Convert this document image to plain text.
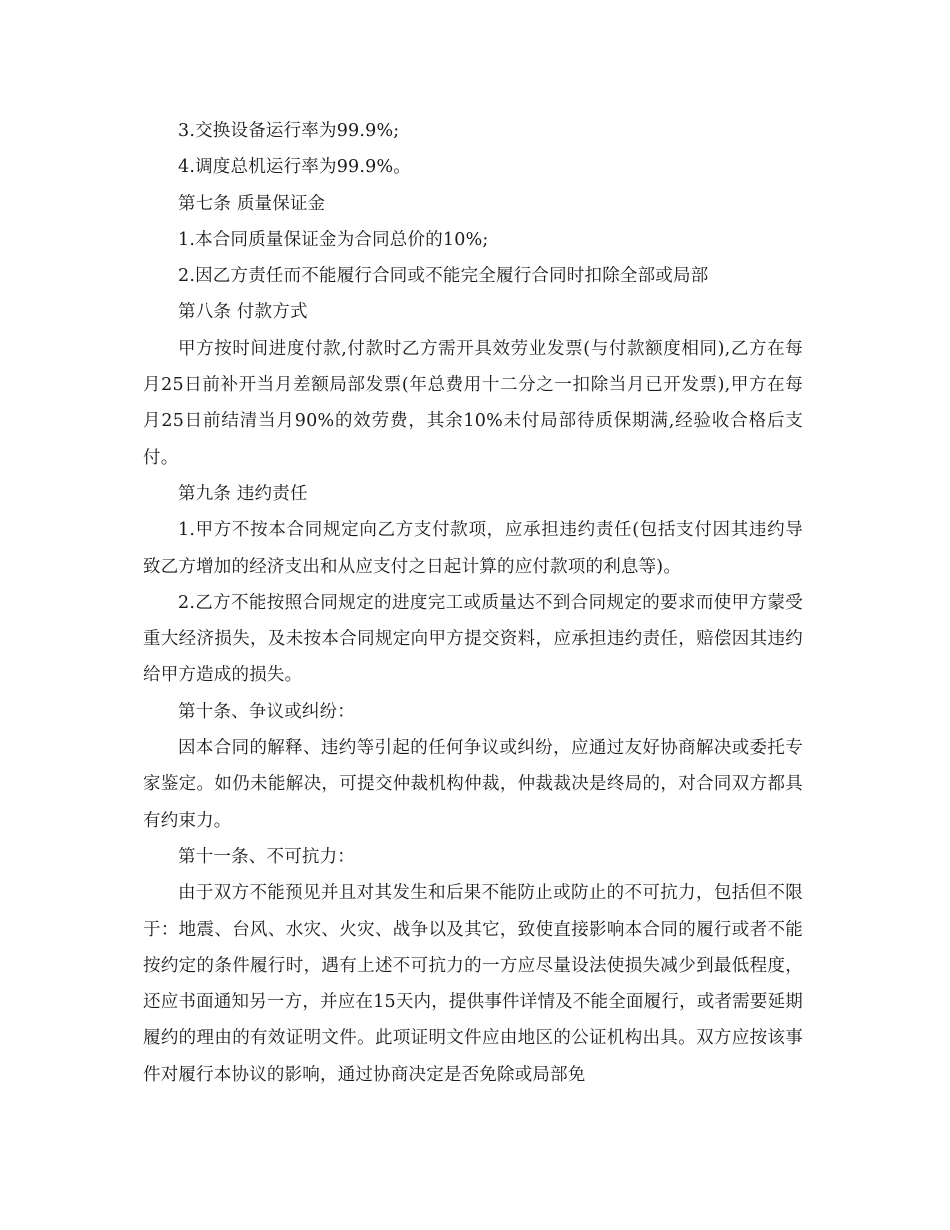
3.交换设备运行率为99.9%;

4.调度总机运行率为99.9%。

第七条 质量保证金

1.本合同质量保证金为合同总价的10%;

2.因乙方责任而不能履行合同或不能完全履行合同时扣除全部或局部

第八条 付款方式

甲方按时间进度付款,付款时乙方需开具效劳业发票(与付款额度相同),乙方在每月25日前补开当月差额局部发票(年总费用十二分之一扣除当月已开发票),甲方在每月25日前结清当月90%的效劳费，其余10%未付局部待质保期满,经验收合格后支付。

第九条 违约责任

1.甲方不按本合同规定向乙方支付款项，应承担违约责任(包括支付因其违约导致乙方增加的经济支出和从应支付之日起计算的应付款项的利息等)。

2.乙方不能按照合同规定的进度完工或质量达不到合同规定的要求而使甲方蒙受重大经济损失，及未按本合同规定向甲方提交资料，应承担违约责任，赔偿因其违约给甲方造成的损失。

第十条、争议或纠纷：

因本合同的解释、违约等引起的任何争议或纠纷，应通过友好协商解决或委托专家鉴定。如仍未能解决，可提交仲裁机构仲裁，仲裁裁决是终局的，对合同双方都具有约束力。

第十一条、不可抗力：

由于双方不能预见并且对其发生和后果不能防止或防止的不可抗力，包括但不限于：地震、台风、水灾、火灾、战争以及其它，致使直接影响本合同的履行或者不能按约定的条件履行时，遇有上述不可抗力的一方应尽量设法使损失减少到最低程度，还应书面通知另一方，并应在15天内，提供事件详情及不能全面履行，或者需要延期履约的理由的有效证明文件。此项证明文件应由地区的公证机构出具。双方应按该事件对履行本协议的影响，通过协商决定是否免除或局部免
